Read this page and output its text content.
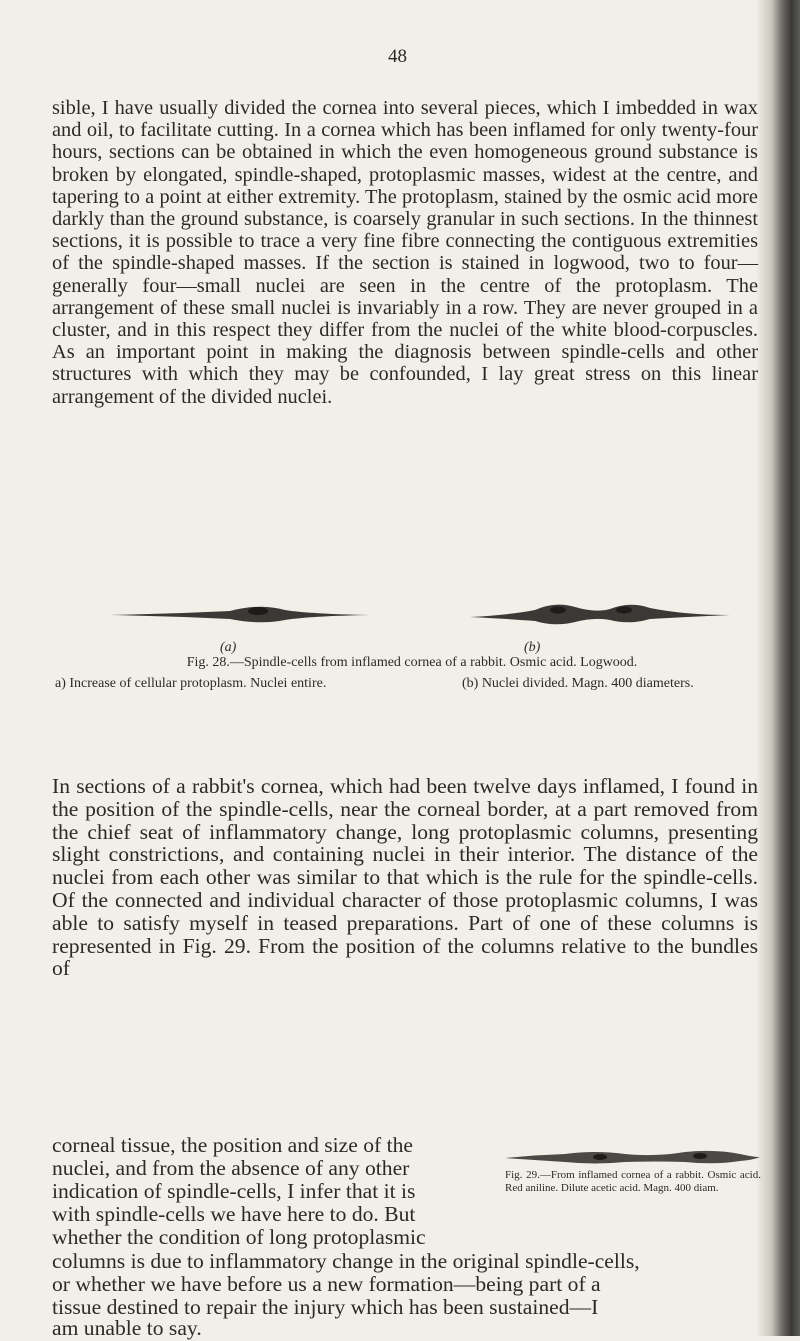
48

sible, I have usually divided the cornea into several pieces, which I imbedded in wax and oil, to facilitate cutting. In a cornea which has been inflamed for only twenty-four hours, sections can be obtained in which the even homogeneous ground substance is broken by elongated, spindle-shaped, protoplasmic masses, widest at the centre, and tapering to a point at either extremity. The protoplasm, stained by the osmic acid more darkly than the ground substance, is coarsely granular in such sections. In the thinnest sections, it is possible to trace a very fine fibre connecting the contiguous extremities of the spindle-shaped masses. If the section is stained in logwood, two to four—generally four—small nuclei are seen in the centre of the protoplasm. The arrangement of these small nuclei is invariably in a row. They are never grouped in a cluster, and in this respect they differ from the nuclei of the white blood-corpuscles. As an important point in making the diagnosis between spindle-cells and other structures with which they may be confounded, I lay great stress on this linear arrangement of the divided nuclei.

(a)	(b)
Fig. 28.—Spindle-cells from inflamed cornea of a rabbit. Osmic acid. Logwood.
a) Increase of cellular protoplasm. Nuclei entire.	(b) Nuclei divided. Magn. 400 diameters.

In sections of a rabbit's cornea, which had been twelve days inflamed, I found in the position of the spindle-cells, near the corneal border, at a part removed from the chief seat of inflammatory change, long protoplasmic columns, presenting slight constrictions, and containing nuclei in their interior. The distance of the nuclei from each other was similar to that which is the rule for the spindle-cells. Of the connected and individual character of those protoplasmic columns, I was able to satisfy myself in teased preparations. Part of one of these columns is represented in Fig. 29. From the position of the columns relative to the bundles of

corneal tissue, the position and size of the
nuclei, and from the absence of any other
indication of spindle-cells, I infer that it is
with spindle-cells we have here to do. But
whether the condition of long protoplasmic
Fig. 29.—From inflamed cornea of a rabbit. Osmic acid. Red aniline. Dilute acetic acid. Magn. 400 diam.
columns is due to inflammatory change in the original spindle-cells,
or whether we have before us a new formation—being part of a
tissue destined to repair the injury which has been sustained—I
am unable to say.
